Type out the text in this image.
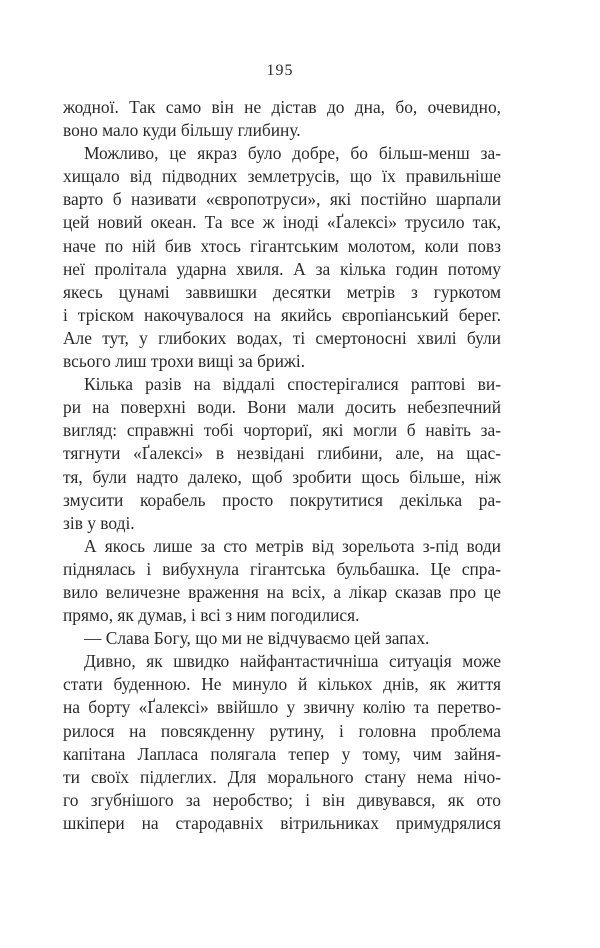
195
жодної. Так само він не дістав до дна, бо, очевидно,
воно мало куди більшу глибину.
Можливо, це якраз було добре, бо більш-менш за-
хищало від підводних землетрусів, що їх правильніше
варто б називати «європотруси», які постійно шарпали
цей новий океан. Та все ж іноді «Ґалексі» трусило так,
наче по ній бив хтось гігантським молотом, коли повз
неї пролітала ударна хвиля. А за кілька годин потому
якесь цунамі заввишки десятки метрів з гуркотом
і тріском накочувалося на якийсь європіанський берег.
Але тут, у глибоких водах, ті смертоносні хвилі були
всього лиш трохи вищі за брижі.
Кілька разів на віддалі спостерігалися раптові ви-
ри на поверхні води. Вони мали досить небезпечний
вигляд: справжні тобі чорториї, які могли б навіть за-
тягнути «Ґалексі» в незвідані глибини, але, на щас-
тя, були надто далеко, щоб зробити щось більше, ніж
змусити корабель просто покрутитися декілька ра-
зів у воді.
А якось лише за сто метрів від зорельота з-під води
піднялась і вибухнула гігантська бульбашка. Це спра-
вило величезне враження на всіх, а лікар сказав про це
прямо, як думав, і всі з ним погодилися.
— Слава Богу, що ми не відчуваємо цей запах.
Дивно, як швидко найфантастичніша ситуація може
стати буденною. Не минуло й кількох днів, як життя
на борту «Ґалексі» ввійшло у звичну колію та перетво-
рилося на повсякденну рутину, і головна проблема
капітана Лапласа полягала тепер у тому, чим зайня-
ти своїх підлеглих. Для морального стану нема нічо-
го згубнішого за неробство; і він дивувався, як ото
шкіпери на стародавніх вітрильниках примудрялися
